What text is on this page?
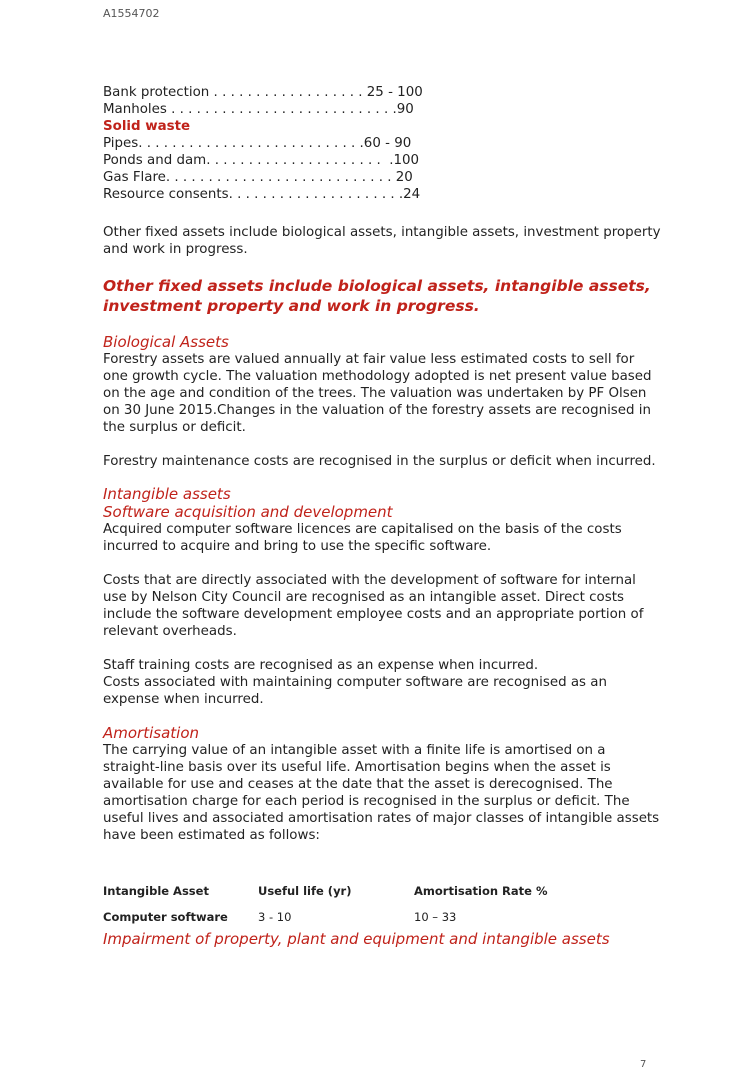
A1554702
Bank protection . . . . . . . . . . . . . . . . . . 25 - 100
Manholes . . . . . . . . . . . . . . . . . . . . . . . . . . .90
Solid waste
Pipes. . . . . . . . . . . . . . . . . . . . . . . . . . .60 - 90
Ponds and dam. . . . . . . . . . . . . . . . . . . . .  .100
Gas Flare. . . . . . . . . . . . . . . . . . . . . . . . . . . 20
Resource consents. . . . . . . . . . . . . . . . . . . . .24

Other fixed assets include biological assets, intangible assets, investment property and work in progress.

Other fixed assets include biological assets, intangible assets, investment property and work in progress.
Biological Assets

Forestry assets are valued annually at fair value less estimated costs to sell for one growth cycle. The valuation methodology adopted is net present value based on the age and condition of the trees. The valuation was undertaken by PF Olsen on 30 June 2015.Changes in the valuation of the forestry assets are recognised in the surplus or deficit.

Forestry maintenance costs are recognised in the surplus or deficit when incurred.

Intangible assets
Software acquisition and development

Acquired computer software licences are capitalised on the basis of the costs incurred to acquire and bring to use the specific software.

Costs that are directly associated with the development of software for internal use by Nelson City Council are recognised as an intangible asset. Direct costs include the software development employee costs and an appropriate portion of relevant overheads.

Staff training costs are recognised as an expense when incurred.

Costs associated with maintaining computer software are recognised as an expense when incurred.

Amortisation

The carrying value of an intangible asset with a finite life is amortised on a straight-line basis over its useful life. Amortisation begins when the asset is available for use and ceases at the date that the asset is derecognised. The amortisation charge for each period is recognised in the surplus or deficit. The useful lives and associated amortisation rates of major classes of intangible assets have been estimated as follows:

Intangible Asset	Useful life (yr)	Amortisation Rate %
Computer software	3 - 10	10 – 33
Impairment of property, plant and equipment and intangible assets
7
